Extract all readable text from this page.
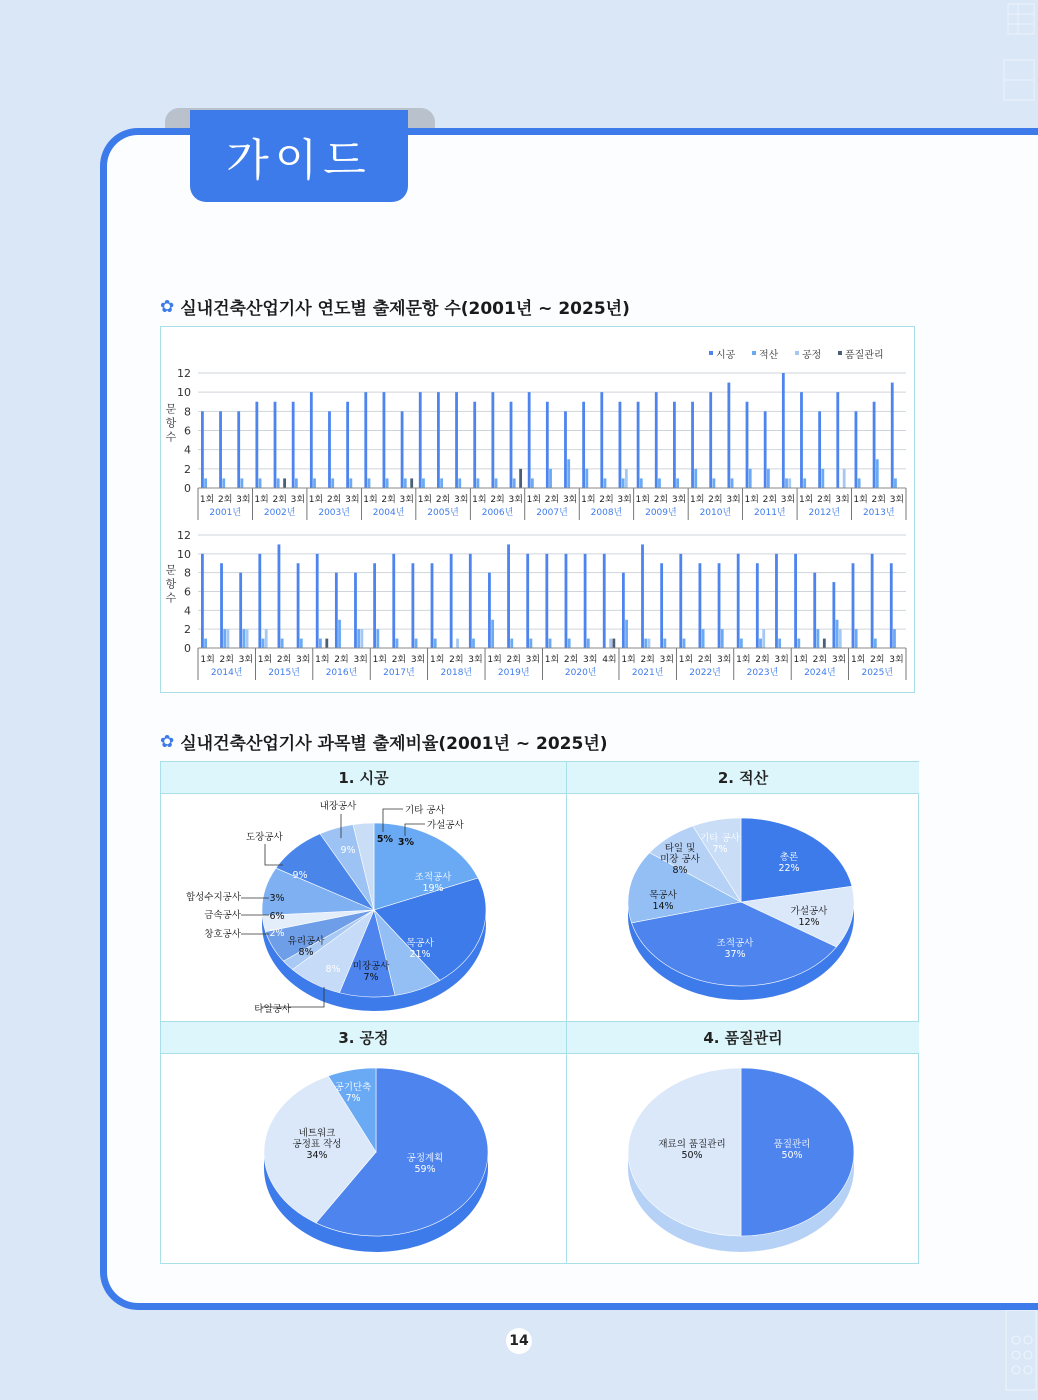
가이드
✿ 실내건축산업기사 연도별 출제문항 수(2001년 ~ 2025년)
시공 적산 공정 품질관리
0
2
4
6
8
10
12
문
항
수
1회 2회 3회
2001년
1회 2회 3회
2002년
1회 2회 3회
2003년
1회 2회 3회
2004년
1회 2회 3회
2005년
1회 2회 3회
2006년
1회 2회 3회
2007년
1회 2회 3회
2008년
1회 2회 3회
2009년
1회 2회 3회
2010년
1회 2회 3회
2011년
1회 2회 3회
2012년
1회 2회 3회
2013년
0
2
4
6
8
10
12
문
항
수
1회 2회 3회
2014년
1회 2회 3회
2015년
1회 2회 3회
2016년
1회 2회 3회
2017년
1회 2회 3회
2018년
1회 2회 3회
2019년
1회 2회 3회 4회
2020년
1회 2회 3회
2021년
1회 2회 3회
2022년
1회 2회 3회
2023년
1회 2회 3회
2024년
1회 2회 3회
2025년
✿ 실내건축산업기사 과목별 출제비율(2001년 ~ 2025년)
1. 시공	2. 적산
3. 공정	4. 품질관리
조적공사
19%
목공사
21%
미장공사
7%
8%
유리공사
8%
2%
6%
3%
9%
9%
5% 3%
내장공사	기타 공사
가설공사
도장공사
합성수지공사
금속공사
창호공사
타일공사
총론
22%
가설공사
12%
조적공사
37%
목공사
14%
타일 및
미장 공사
8%
기타 공사
7%
공정계획
59%
네트워크
공정표 작성
34%
공기단축
7%
품질관리
50%
재료의 품질관리
50%
14
